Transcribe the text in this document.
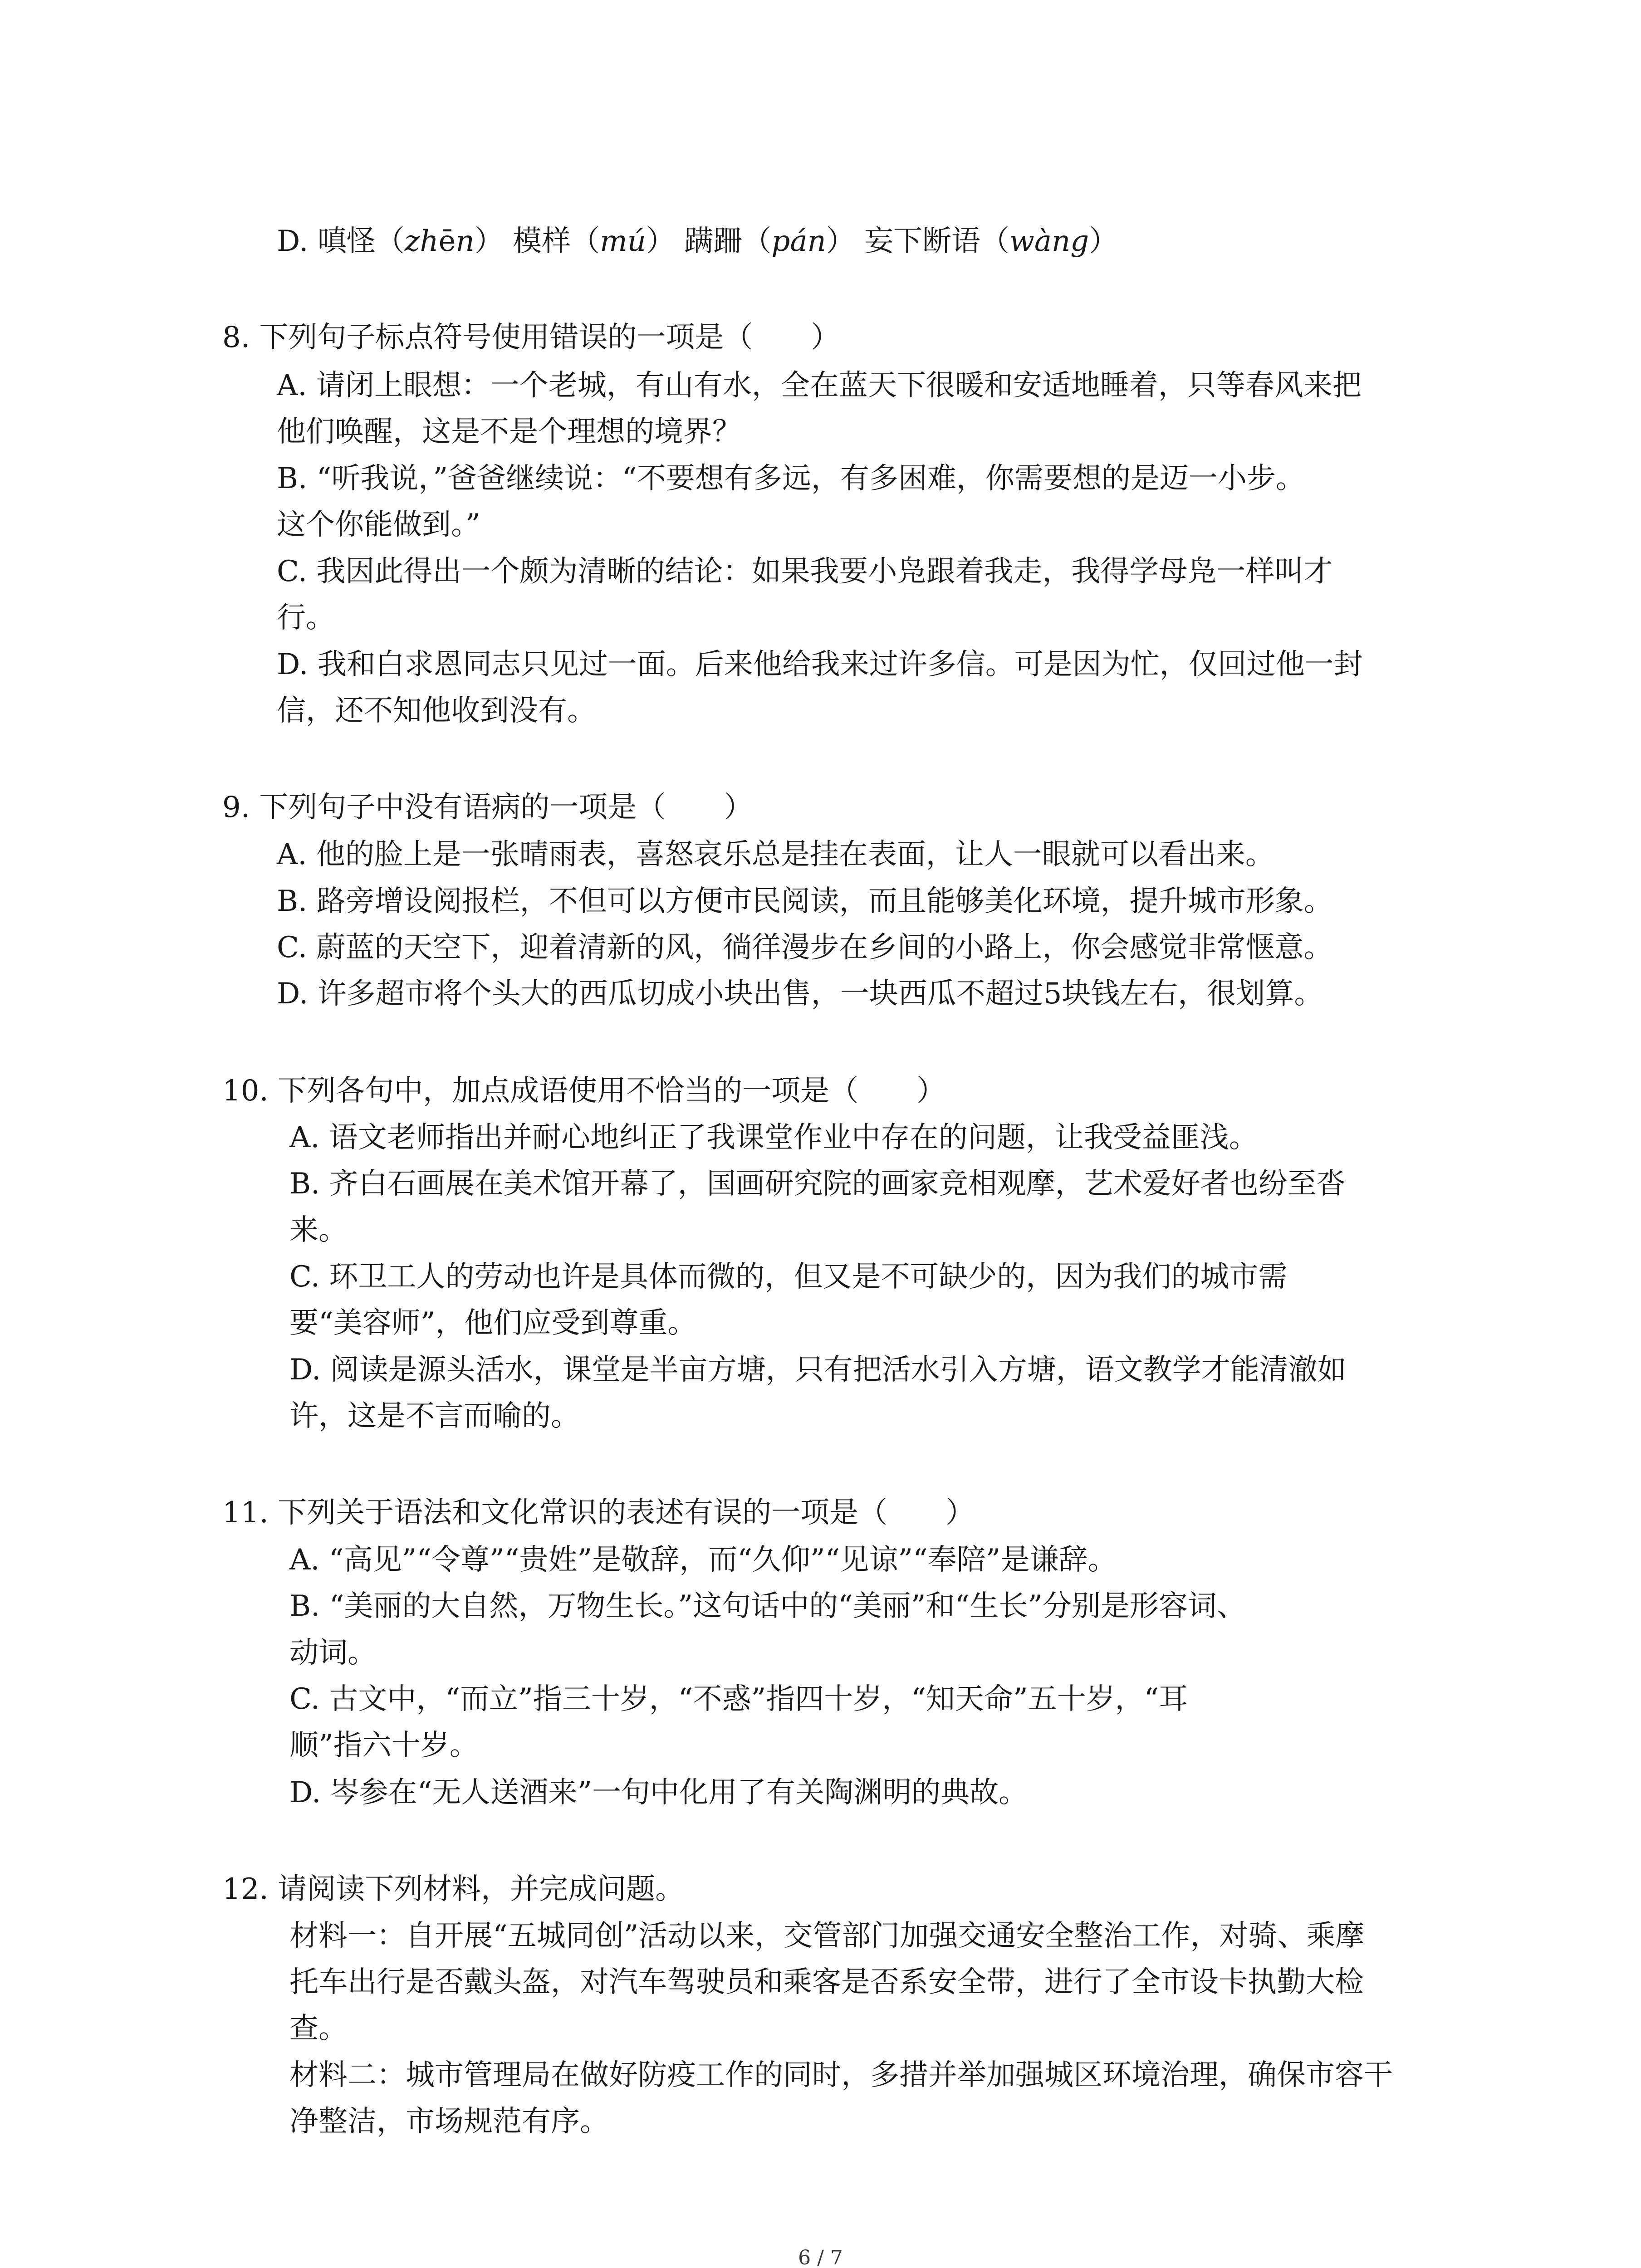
D. 嗔怪（zhēn） 模样（mú） 蹒跚（pán） 妄下断语（wàng）
8. 下列句子标点符号使用错误的一项是（　　）
A. 请闭上眼想：一个老城，有山有水，全在蓝天下很暖和安适地睡着，只等春风来把
他们唤醒，这是不是个理想的境界？
B. “听我说，”爸爸继续说：“不要想有多远，有多困难，你需要想的是迈一小步。
这个你能做到。”
C. 我因此得出一个颇为清晰的结论：如果我要小凫跟着我走，我得学母凫一样叫才
行。
D. 我和白求恩同志只见过一面。后来他给我来过许多信。可是因为忙，仅回过他一封
信，还不知他收到没有。
9. 下列句子中没有语病的一项是（　　）
A. 他的脸上是一张晴雨表，喜怒哀乐总是挂在表面，让人一眼就可以看出来。
B. 路旁增设阅报栏，不但可以方便市民阅读，而且能够美化环境，提升城市形象。
C. 蔚蓝的天空下，迎着清新的风，徜徉漫步在乡间的小路上，你会感觉非常惬意。
D. 许多超市将个头大的西瓜切成小块出售，一块西瓜不超过5块钱左右，很划算。
10. 下列各句中，加点成语使用不恰当的一项是（　　）
A. 语文老师指出并耐心地纠正了我课堂作业中存在的问题，让我受益匪浅。
B. 齐白石画展在美术馆开幕了，国画研究院的画家竞相观摩，艺术爱好者也纷至沓
来。
C. 环卫工人的劳动也许是具体而微的，但又是不可缺少的，因为我们的城市需
要“美容师”，他们应受到尊重。
D. 阅读是源头活水，课堂是半亩方塘，只有把活水引入方塘，语文教学才能清澈如
许，这是不言而喻的。
11. 下列关于语法和文化常识的表述有误的一项是（　　）
A. “高见”“令尊”“贵姓”是敬辞，而“久仰”“见谅”“奉陪”是谦辞。
B. “美丽的大自然，万物生长。”这句话中的“美丽”和“生长”分别是形容词、
动词。
C. 古文中，“而立”指三十岁，“不惑”指四十岁，“知天命”五十岁，“耳
顺”指六十岁。
D. 岑参在“无人送酒来”一句中化用了有关陶渊明的典故。
12. 请阅读下列材料，并完成问题。
材料一：自开展“五城同创”活动以来，交管部门加强交通安全整治工作，对骑、乘摩
托车出行是否戴头盔，对汽车驾驶员和乘客是否系安全带，进行了全市设卡执勤大检
查。
材料二：城市管理局在做好防疫工作的同时，多措并举加强城区环境治理，确保市容干
净整洁，市场规范有序。
6 / 7
